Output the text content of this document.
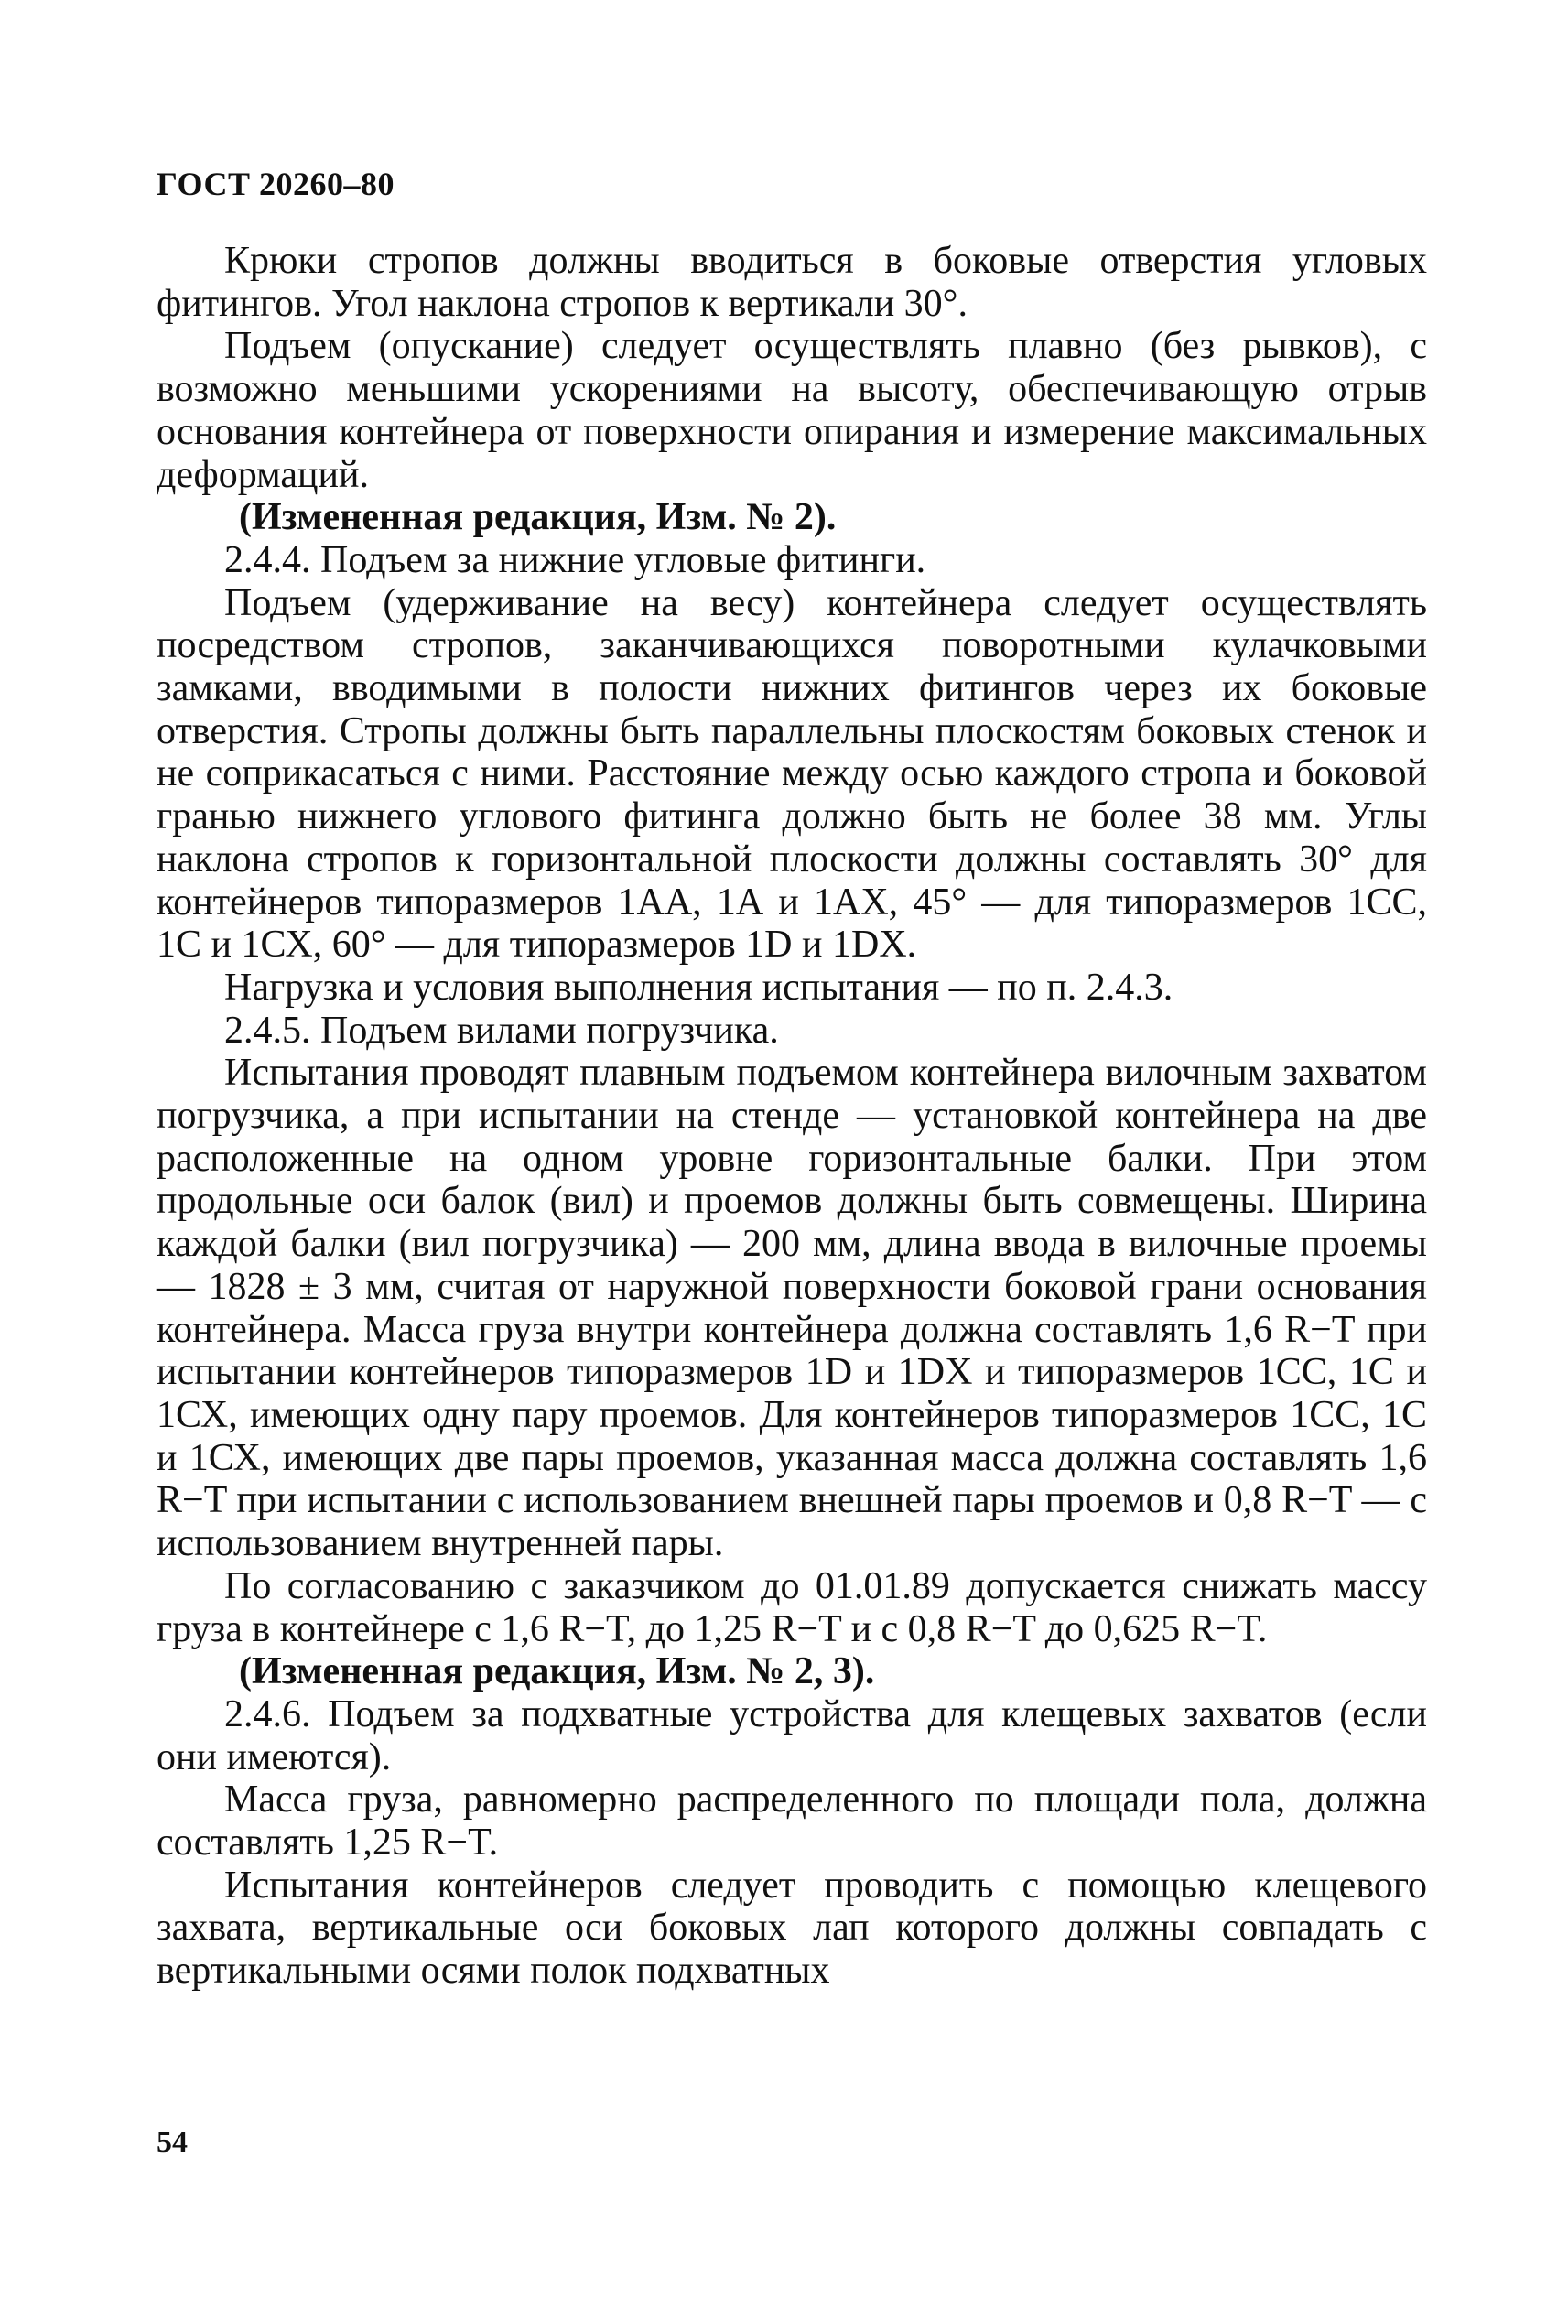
ГОСТ 20260–80

Крюки стропов должны вводиться в боковые отверстия угловых фитингов. Угол наклона стропов к вертикали 30°.

Подъем (опускание) следует осуществлять плавно (без рывков), с возможно меньшими ускорениями на высоту, обеспечивающую отрыв основания контейнера от поверхности опирания и измерение максимальных деформаций.

(Измененная редакция, Изм. № 2).

2.4.4. Подъем за нижние угловые фитинги.

Подъем (удерживание на весу) контейнера следует осуществлять посредством стропов, заканчивающихся поворотными кулачковыми замками, вводимыми в полости нижних фитингов через их боковые отверстия. Стропы должны быть параллельны плоскостям боковых стенок и не соприкасаться с ними. Расстояние между осью каждого стропа и боковой гранью нижнего углового фитинга должно быть не более 38 мм. Углы наклона стропов к горизонтальной плоскости должны составлять 30° для контейнеров типоразмеров 1АА, 1А и 1АХ, 45° — для типоразмеров 1СС, 1С и 1СХ, 60° — для типоразмеров 1D и 1DX.

Нагрузка и условия выполнения испытания — по п. 2.4.3.

2.4.5. Подъем вилами погрузчика.

Испытания проводят плавным подъемом контейнера вилочным захватом погрузчика, а при испытании на стенде — установкой контейнера на две расположенные на одном уровне горизонтальные балки. При этом продольные оси балок (вил) и проемов должны быть совмещены. Ширина каждой балки (вил погрузчика) — 200 мм, длина ввода в вилочные проемы — 1828 ± 3 мм, считая от наружной поверхности боковой грани основания контейнера. Масса груза внутри контейнера должна составлять 1,6 R−T при испытании контейнеров типоразмеров 1D и 1DX и типоразмеров 1СС, 1С и 1СХ, имеющих одну пару проемов. Для контейнеров типоразмеров 1СС, 1С и 1СХ, имеющих две пары проемов, указанная масса должна составлять 1,6 R−T при испытании с использованием внешней пары проемов и 0,8 R−T — с использованием внутренней пары.

По согласованию с заказчиком до 01.01.89 допускается снижать массу груза в контейнере с 1,6 R−T, до 1,25 R−T и с 0,8 R−T до 0,625 R−T.

(Измененная редакция, Изм. № 2, 3).

2.4.6. Подъем за подхватные устройства для клещевых захватов (если они имеются).

Масса груза, равномерно распределенного по площади пола, должна составлять 1,25 R−T.

Испытания контейнеров следует проводить с помощью клещевого захвата, вертикальные оси боковых лап которого должны совпадать с вертикальными осями полок подхватных

54
